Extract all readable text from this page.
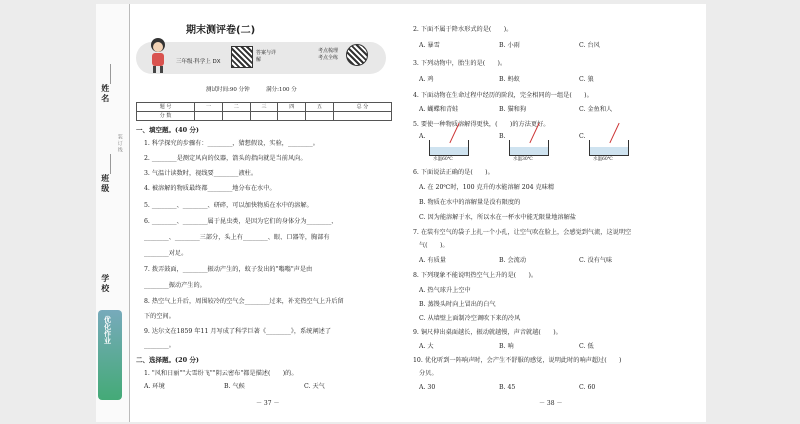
姓名
班级
学校
装 订 线
优化作业
期末测评卷(二)
三年级·科学上 DX
答案与详解
考点梳理 考点全练
测试时间:90 分钟　　　满分:100 分
题 号	一	二	三	四	五	总 分
分 数						
一、填空题。(40 分)
1. 科学探究的步骤有：________，猜想假设，实验，________。
2. ________是测定风向的仪器，箭头的指向就是当前风向。
3. 气温计读数时，视线要________液柱。
4. 被溶解的物质最终都________地分布在水中。
5. ________、________、研碎，可以加快物质在水中的溶解。
6. ________、________属于昆虫类，是因为它们的身体分为________、
________、________三部分，头上有________、眼、口器等，胸部有
________对足。
7. 拨弄鼓面，________振动产生的，蚊子发出的"嗡嗡"声是由
________振动产生的。
8. 热空气上升后，周围较冷的空气会________过来，补充热空气上升后留
下的空间。
9. 达尔文在1859 年11 月写成了科学巨著《________》，系统阐述了
________。
二、选择题。(20 分)
1. "风和日丽""大雪纷飞""阴云密布"都是描述(　　)的。
A. 环境	B. 气候	C. 天气
－ 37 －
2. 下面不属于降水形式的是(　　)。
A. 暴雪	B. 小雨	C. 台风
3. 下列动物中，胎生的是(　　)。
A. 鸡	B. 蚂蚁	C. 狼
4. 下面动物在生命过程中经历的阶段，完全相同的一组是(　　)。
A. 蝴蝶和青蛙	B. 猫和狗	C. 金鱼和人
5. 要使一种物质溶解得更快，(　　)的方法更好。
A.	B.	C.
水温60℃	水温30℃	水温60℃
6. 下面说法正确的是(　　)。
A. 在 20℃时，100 克升的水能溶解 204 克味精
B. 物质在水中的溶解量是没有限度的
C. 因为能溶解于水，所以水在一杯水中能无限量地溶解盐
7. 在装有空气的袋子上扎一个小孔，让空气吹在脸上，会感觉到气流，这说明空
气(　　)。
A. 有质量	B. 会流动	C. 没有气味
8. 下列现象不能说明热空气上升的是(　　)。
A. 热气球升上空中
B. 蒸馒头时向上冒出的白气
C. 从墙壁上面制冷空调吹下来的冷风
9. 铜尺伸出桌面越长，振动就越慢，声音就越(　　)。
A. 大	B. 响	C. 低
10. 优化听到一阵响声时，会产生不舒服的感觉，说明此时的响声超过(　　)
分贝。
A. 30	B. 45	C. 60
－ 38 －
